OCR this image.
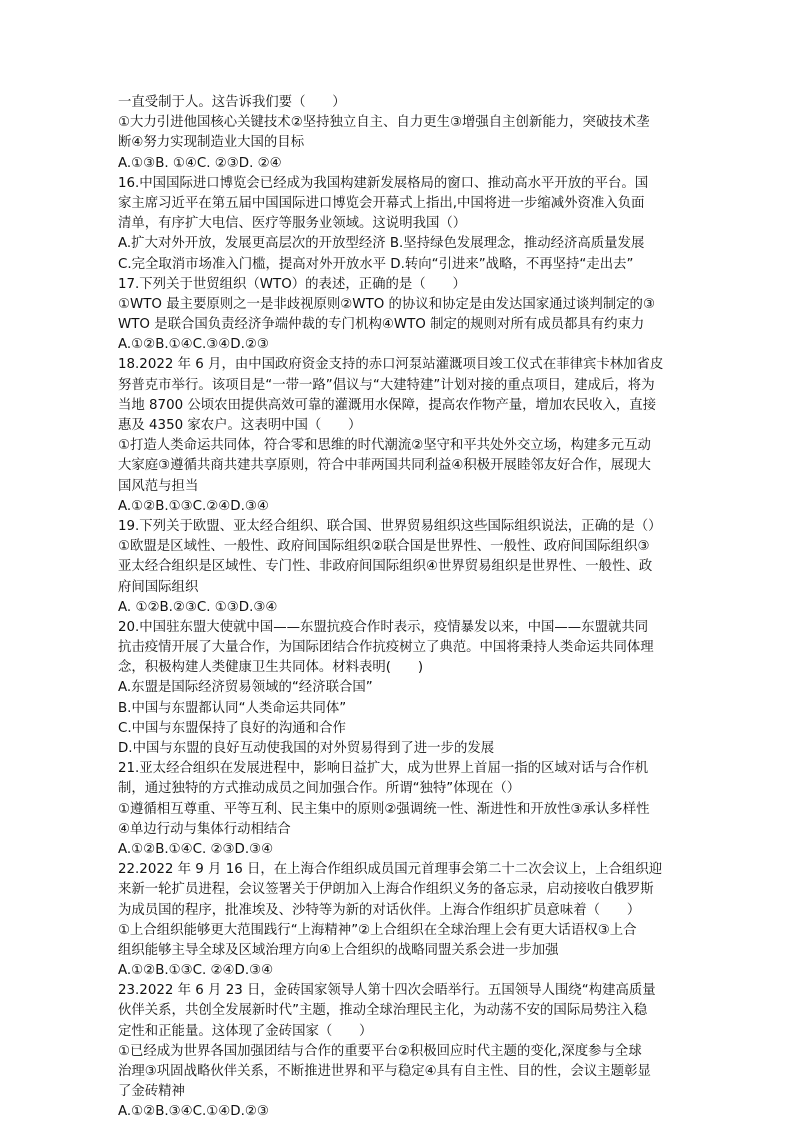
一直受制于人。这告诉我们要（　　）
①大力引进他国核心关键技术②坚持独立自主、自力更生③增强自主创新能力，突破技术垄
断④努力实现制造业大国的目标
A.①③B. ①④C. ②③D. ②④
16.中国国际进口博览会已经成为我国构建新发展格局的窗口、推动高水平开放的平台。国
家主席习近平在第五届中国国际进口博览会开幕式上指出,中国将进一步缩减外资准入负面
清单，有序扩大电信、医疗等服务业领域。这说明我国（）
A.扩大对外开放，发展更高层次的开放型经济 B.坚持绿色发展理念，推动经济高质量发展
C.完全取消市场准入门槛，提高对外开放水平 D.转向“引进来”战略，不再坚持“走出去”
17.下列关于世贸组织（WTO）的表述，正确的是（　　）
①WTO 最主要原则之一是非歧视原则②WTO 的协议和协定是由发达国家通过谈判制定的③
WTO 是联合国负责经济争端仲裁的专门机构④WTO 制定的规则对所有成员都具有约束力
A.①②B.①④C.③④D.②③
18.2022 年 6 月，由中国政府资金支持的赤口河泵站灌溉项目竣工仪式在菲律宾卡林加省皮
努普克市举行。该项目是“一带一路”倡议与“大建特建”计划对接的重点项目，建成后，将为
当地 8700 公顷农田提供高效可靠的灌溉用水保障，提高农作物产量，增加农民收入，直接
惠及 4350 家农户。这表明中国（　　）
①打造人类命运共同体，符合零和思维的时代潮流②坚守和平共处外交立场，构建多元互动
大家庭③遵循共商共建共享原则，符合中菲两国共同利益④积极开展睦邻友好合作，展现大
国风范与担当
A.①②B.①③C.②④D.③④
19.下列关于欧盟、亚太经合组织、联合国、世界贸易组织这些国际组织说法，正确的是（）
①欧盟是区域性、一般性、政府间国际组织②联合国是世界性、一般性、政府间国际组织③
亚太经合组织是区域性、专门性、非政府间国际组织④世界贸易组织是世界性、一般性、政
府间国际组织
A. ①②B.②③C. ①③D.③④
20.中国驻东盟大使就中国——东盟抗疫合作时表示，疫情暴发以来，中国——东盟就共同
抗击疫情开展了大量合作，为国际团结合作抗疫树立了典范。中国将秉持人类命运共同体理
念，积极构建人类健康卫生共同体。材料表明(　　)
A.东盟是国际经济贸易领域的“经济联合国”
B.中国与东盟都认同“人类命运共同体”
C.中国与东盟保持了良好的沟通和合作
D.中国与东盟的良好互动使我国的对外贸易得到了进一步的发展
21.亚太经合组织在发展进程中，影响日益扩大，成为世界上首屈一指的区域对话与合作机
制，通过独特的方式推动成员之间加强合作。所谓“独特”体现在（）
①遵循相互尊重、平等互利、民主集中的原则②强调统一性、渐进性和开放性③承认多样性
④单边行动与集体行动相结合
A.①②B.①④C. ②③D.③④
22.2022 年 9 月 16 日，在上海合作组织成员国元首理事会第二十二次会议上，上合组织迎
来新一轮扩员进程，会议签署关于伊朗加入上海合作组织义务的备忘录，启动接收白俄罗斯
为成员国的程序，批准埃及、沙特等为新的对话伙伴。上海合作组织扩员意味着（　　）
①上合组织能够更大范围践行“上海精神”②上合组织在全球治理上会有更大话语权③上合
组织能够主导全球及区域治理方向④上合组织的战略同盟关系会进一步加强
A.①②B.①③C. ②④D.③④
23.2022 年 6 月 23 日，金砖国家领导人第十四次会晤举行。五国领导人围绕“构建高质量
伙伴关系，共创全发展新时代”主题，推动全球治理民主化，为动荡不安的国际局势注入稳
定性和正能量。这体现了金砖国家（　　）
①已经成为世界各国加强团结与合作的重要平台②积极回应时代主题的变化,深度参与全球
治理③巩固战略伙伴关系，不断推进世界和平与稳定④具有自主性、目的性，会议主题彰显
了金砖精神
A.①②B.③④C.①④D.②③
